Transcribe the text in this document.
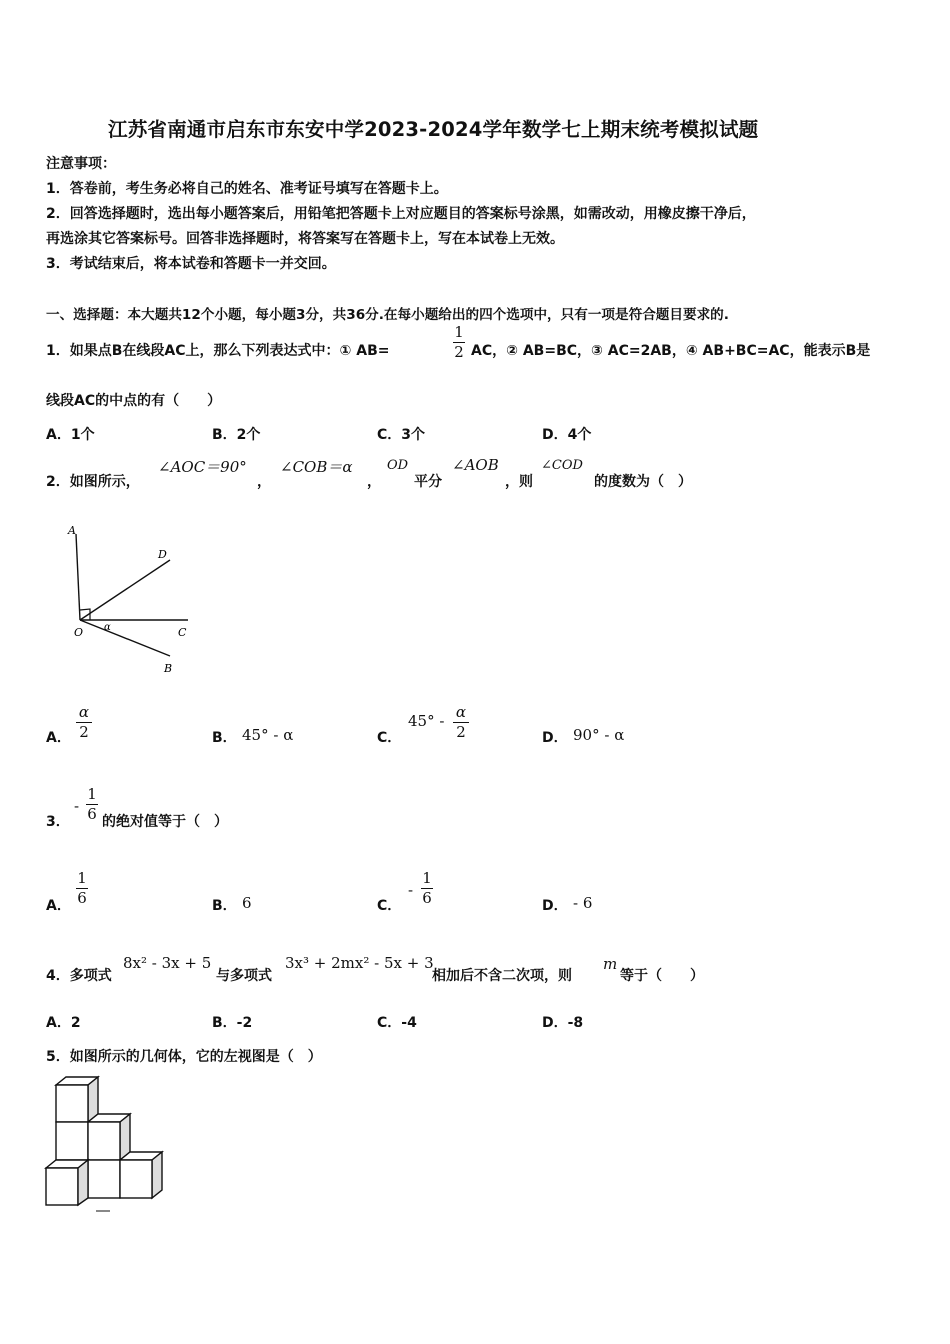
江苏省南通市启东市东安中学2023-2024学年数学七上期末统考模拟试题
注意事项：
1．答卷前，考生务必将自己的姓名、准考证号填写在答题卡上。
2．回答选择题时，选出每小题答案后，用铅笔把答题卡上对应题目的答案标号涂黑，如需改动，用橡皮擦干净后，
再选涂其它答案标号。回答非选择题时，将答案写在答题卡上，写在本试卷上无效。
3．考试结束后，将本试卷和答题卡一并交回。
一、选择题：本大题共12个小题，每小题3分，共36分.在每小题给出的四个选项中，只有一项是符合题目要求的.
1．如果点B在线段AC上，那么下列表达式中：① AB=
1
2 AC，② AB=BC，③ AC=2AB，④ AB+BC=AC，能表示B是
线段AC的中点的有（　　）
A．1个	B．2个	C．3个	D．4个
2．如图所示，
∠AOC＝90°
，
∠COB＝α
，
OD
平分
∠AOB
，则
∠COD
的度数为（　）
A
D
O α	C
B
A．
α
2	B． 45° - α	C．
45° - α
2	D． 90° - α
3．
-
1
6 的绝对值等于（　）
A．
1
6	B． 6	C．
-
1
6	D． - 6
4．多项式
8x² - 3x + 5
与多项式
3x³ + 2mx² - 5x + 3
相加后不含二次项，则
m
等于（　　）
A．2	B．-2	C．-4	D．-8
5．如图所示的几何体，它的左视图是（　）
